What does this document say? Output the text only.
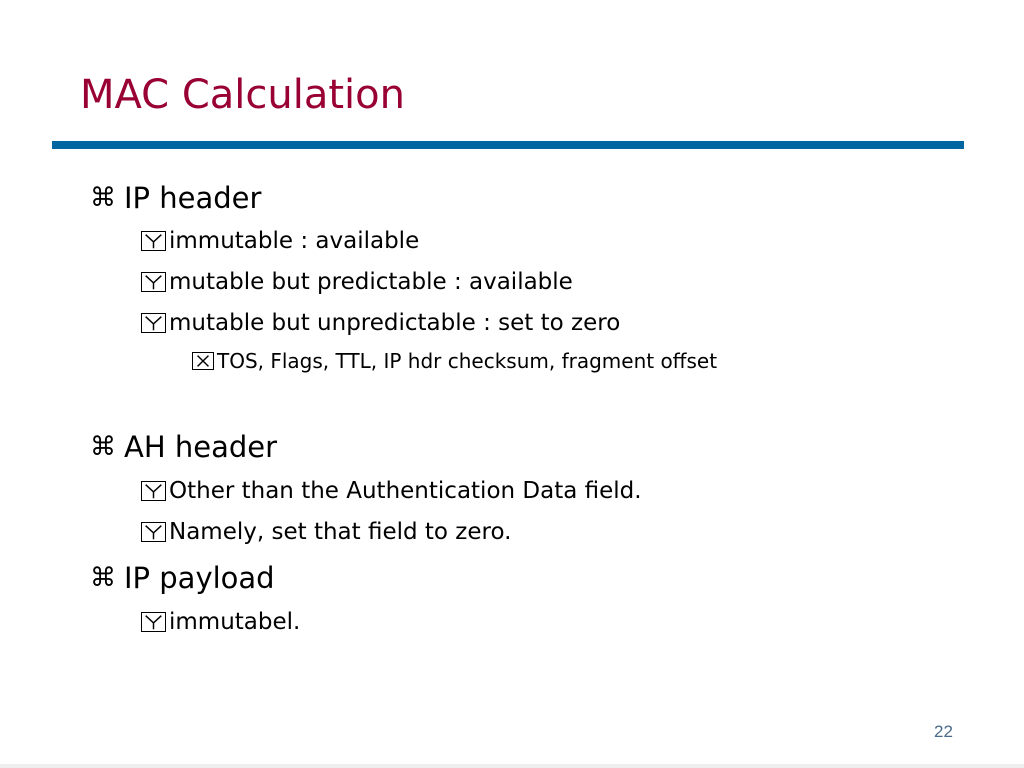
MAC Calculation
⌘ IP header
immutable : available
mutable but predictable : available
mutable but unpredictable : set to zero
TOS, Flags, TTL, IP hdr checksum, fragment offset
⌘ AH header
Other than the Authentication Data field.
Namely, set that field to zero.
⌘ IP payload
immutabel.
22
